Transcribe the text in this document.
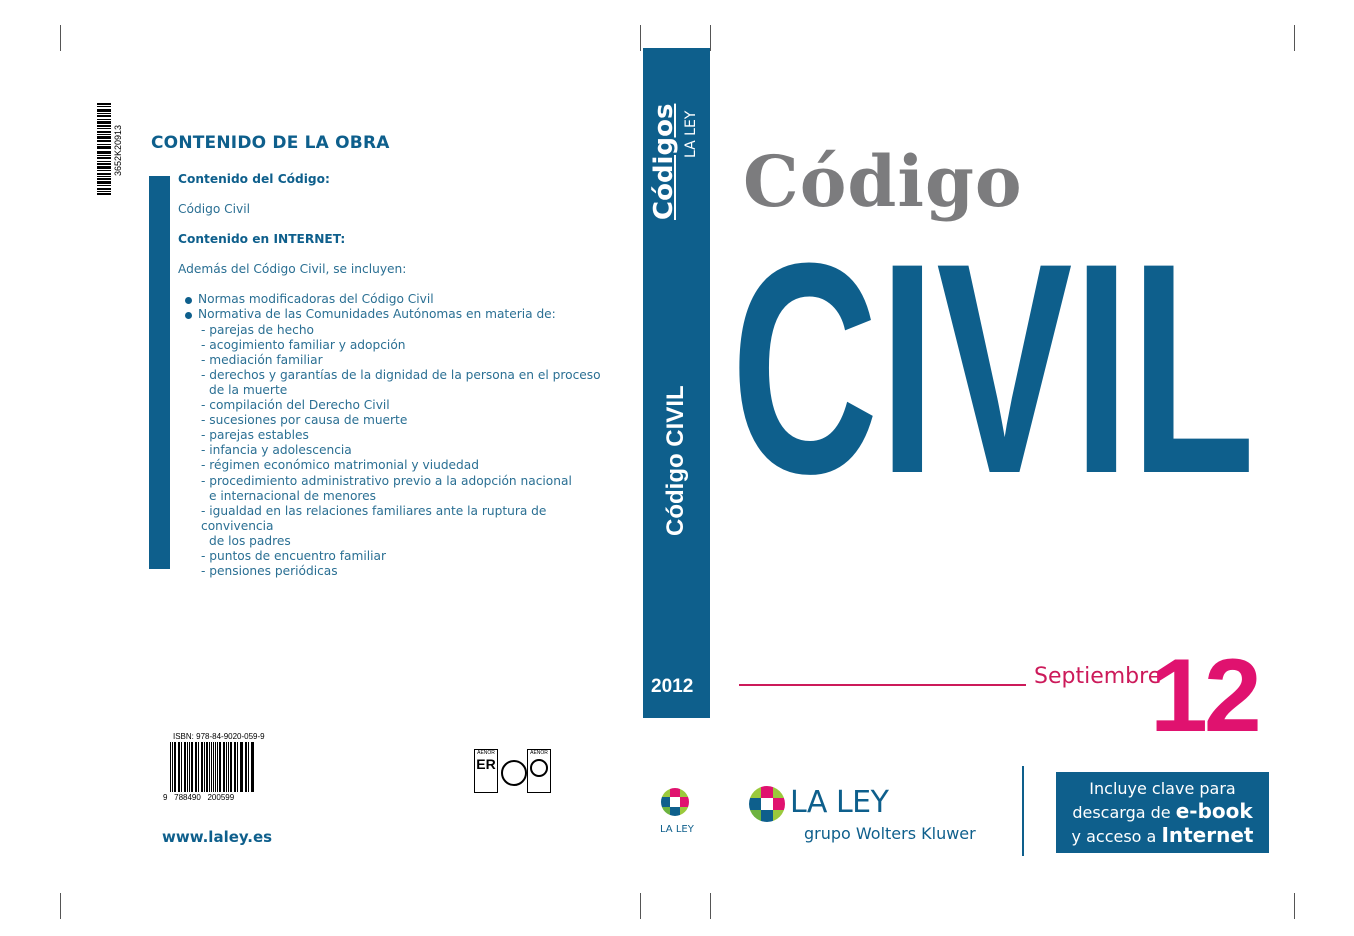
3652K20913 CONTENIDO DE LA OBRA

Contenido del Código:

Código Civil

Contenido en INTERNET:

Además del Código Civil, se incluyen:

Normas modificadoras del Código Civil

Normativa de las Comunidades Autónomas en materia de:

- parejas de hecho

- acogimiento familiar y adopción

- mediación familiar

- derechos y garantías de la dignidad de la persona en el proceso

de la muerte

- compilación del Derecho Civil

- sucesiones por causa de muerte

- parejas estables

- infancia y adolescencia

- régimen económico matrimonial y viudedad

- procedimiento administrativo previo a la adopción nacional

e internacional de menores

- igualdad en las relaciones familiares ante la ruptura de convivencia

de los padres

- puntos de encuentro familiar

- pensiones periódicas

ISBN: 978-84-9020-059-9
9   788490   200599
AENOR
ER
AENOR
www.laley.es
Códigos LA LEY
Código CIVIL
2012
LA LEY
Código
CIVIL
Septiembre
12
LA LEY
grupo Wolters Kluwer
Incluye clave para
descarga de e-book
y acceso a Internet
